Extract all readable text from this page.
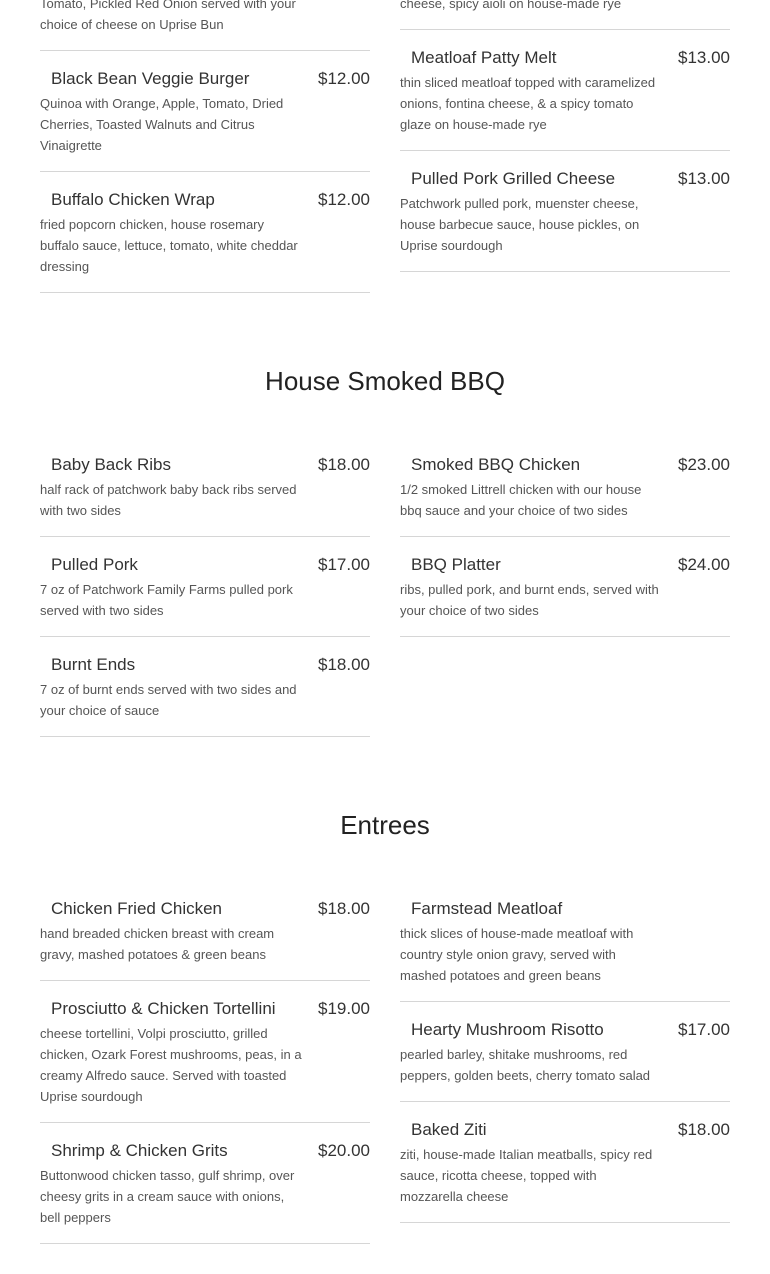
Tomato, Pickled Red Onion served with your choice of cheese on Uprise Bun
Black Bean Veggie Burger	$12.00
Quinoa with Orange, Apple, Tomato, Dried Cherries, Toasted Walnuts and Citrus Vinaigrette
Buffalo Chicken Wrap	$12.00
fried popcorn chicken, house rosemary buffalo sauce, lettuce, tomato, white cheddar dressing
cheese, spicy aioli on house-made rye
Meatloaf Patty Melt	$13.00
thin sliced meatloaf topped with caramelized onions, fontina cheese, & a spicy tomato glaze on house-made rye
Pulled Pork Grilled Cheese	$13.00
Patchwork pulled pork, muenster cheese, house barbecue sauce, house pickles, on Uprise sourdough
House Smoked BBQ
Baby Back Ribs	$18.00
half rack of patchwork baby back ribs served with two sides
Pulled Pork	$17.00
7 oz of Patchwork Family Farms pulled pork served with two sides
Burnt Ends	$18.00
7 oz of burnt ends served with two sides and your choice of sauce
Smoked BBQ Chicken	$23.00
1/2 smoked Littrell chicken with our house bbq sauce and your choice of two sides
BBQ Platter	$24.00
ribs, pulled pork, and burnt ends, served with your choice of two sides
Entrees
Chicken Fried Chicken	$18.00
hand breaded chicken breast with cream gravy, mashed potatoes & green beans
Prosciutto & Chicken Tortellini $19.00
cheese tortellini, Volpi prosciutto, grilled chicken, Ozark Forest mushrooms, peas, in a creamy Alfredo sauce. Served with toasted Uprise sourdough
Shrimp & Chicken Grits	$20.00
Buttonwood chicken tasso, gulf shrimp, over cheesy grits in a cream sauce with onions, bell peppers
Farmstead Meatloaf
thick slices of house-made meatloaf with country style onion gravy, served with mashed potatoes and green beans
Hearty Mushroom Risotto	$17.00
pearled barley, shitake mushrooms, red peppers, golden beets, cherry tomato salad
Baked Ziti	$18.00
ziti, house-made Italian meatballs, spicy red sauce, ricotta cheese, topped with mozzarella cheese
